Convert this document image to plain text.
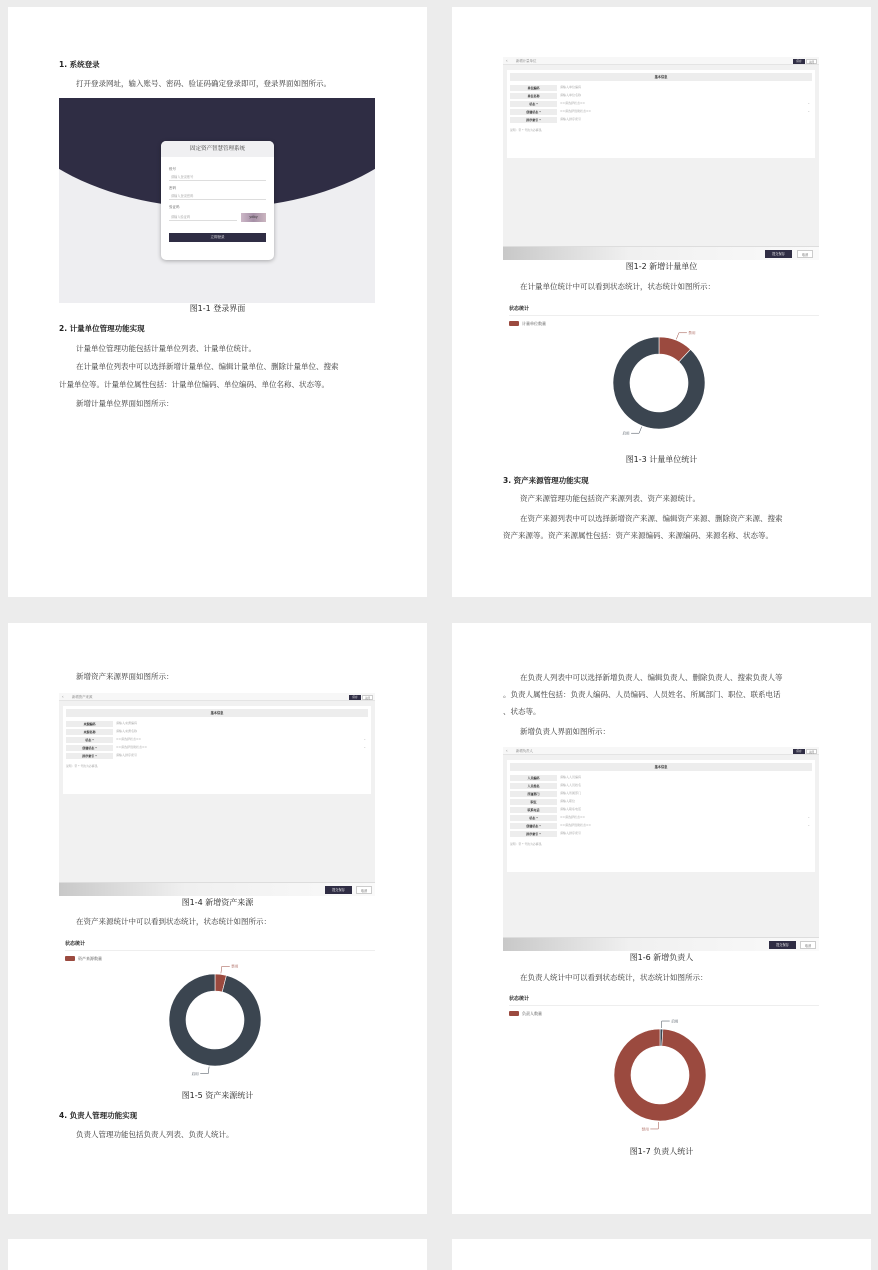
1. 系统登录
打开登录网址，输入账号、密码、验证码确定登录即可，登录界面如图所示。
固定资产智慧管理系统
账号
请输入登录账号
密码
请输入登录密码
验证码
请输入验证码	ydby
立即登录
图1-1 登录界面
2. 计量单位管理功能实现
计量单位管理功能包括计量单位列表、计量单位统计。
在计量单位列表中可以选择新增计量单位、编辑计量单位、删除计量单位、搜索
计量单位等。计量单位属性包括：计量单位编码、单位编码、单位名称、状态等。
新增计量单位界面如图所示：
‹ 新增计量单位	保存	关闭
基本信息
单位编码	请输入单位编码
单位名称	请输入单位名称
状态 *	==请选择状态==	⌄
创建状态 *	==请选择创建状态==	⌄
排序索引 *	请输入排序索引
说明：带 * 号的为必填项。
提交保存	取消
图1-2 新增计量单位
在计量单位统计中可以看到状态统计，状态统计如图所示：
状态统计
计量单位数量
禁用
启用
图1-3 计量单位统计
3. 资产来源管理功能实现
资产来源管理功能包括资产来源列表、资产来源统计。
在资产来源列表中可以选择新增资产来源、编辑资产来源、删除资产来源、搜索
资产来源等。资产来源属性包括：资产来源编码、来源编码、来源名称、状态等。
新增资产来源界面如图所示：
‹ 新增资产来源	保存	关闭
基本信息
来源编码	请输入来源编码
来源名称	请输入来源名称
状态 *	==请选择状态==	⌄
创建状态 *	==请选择创建状态==	⌄
排序索引 *	请输入排序索引
说明：带 * 号的为必填项。
提交保存	取消
图1-4 新增资产来源
在资产来源统计中可以看到状态统计，状态统计如图所示：
状态统计
资产来源数量
禁用
启用
图1-5 资产来源统计
4. 负责人管理功能实现
负责人管理功能包括负责人列表、负责人统计。
在负责人列表中可以选择新增负责人、编辑负责人、删除负责人、搜索负责人等
。负责人属性包括：负责人编码、人员编码、人员姓名、所属部门、职位、联系电话
、状态等。
新增负责人界面如图所示：
‹ 新增负责人	保存	关闭
基本信息
人员编码	请输入人员编码
人员姓名	请输入人员姓名
所属部门	请输入所属部门
职位	请输入职位
联系电话	请输入联系电话
状态 *	==请选择状态==	⌄
创建状态 *	==请选择创建状态==	⌄
排序索引 *	请输入排序索引
说明：带 * 号的为必填项。
提交保存	取消
图1-6 新增负责人
在负责人统计中可以看到状态统计，状态统计如图所示：
状态统计
负责人数量
启用
禁用
图1-7 负责人统计
